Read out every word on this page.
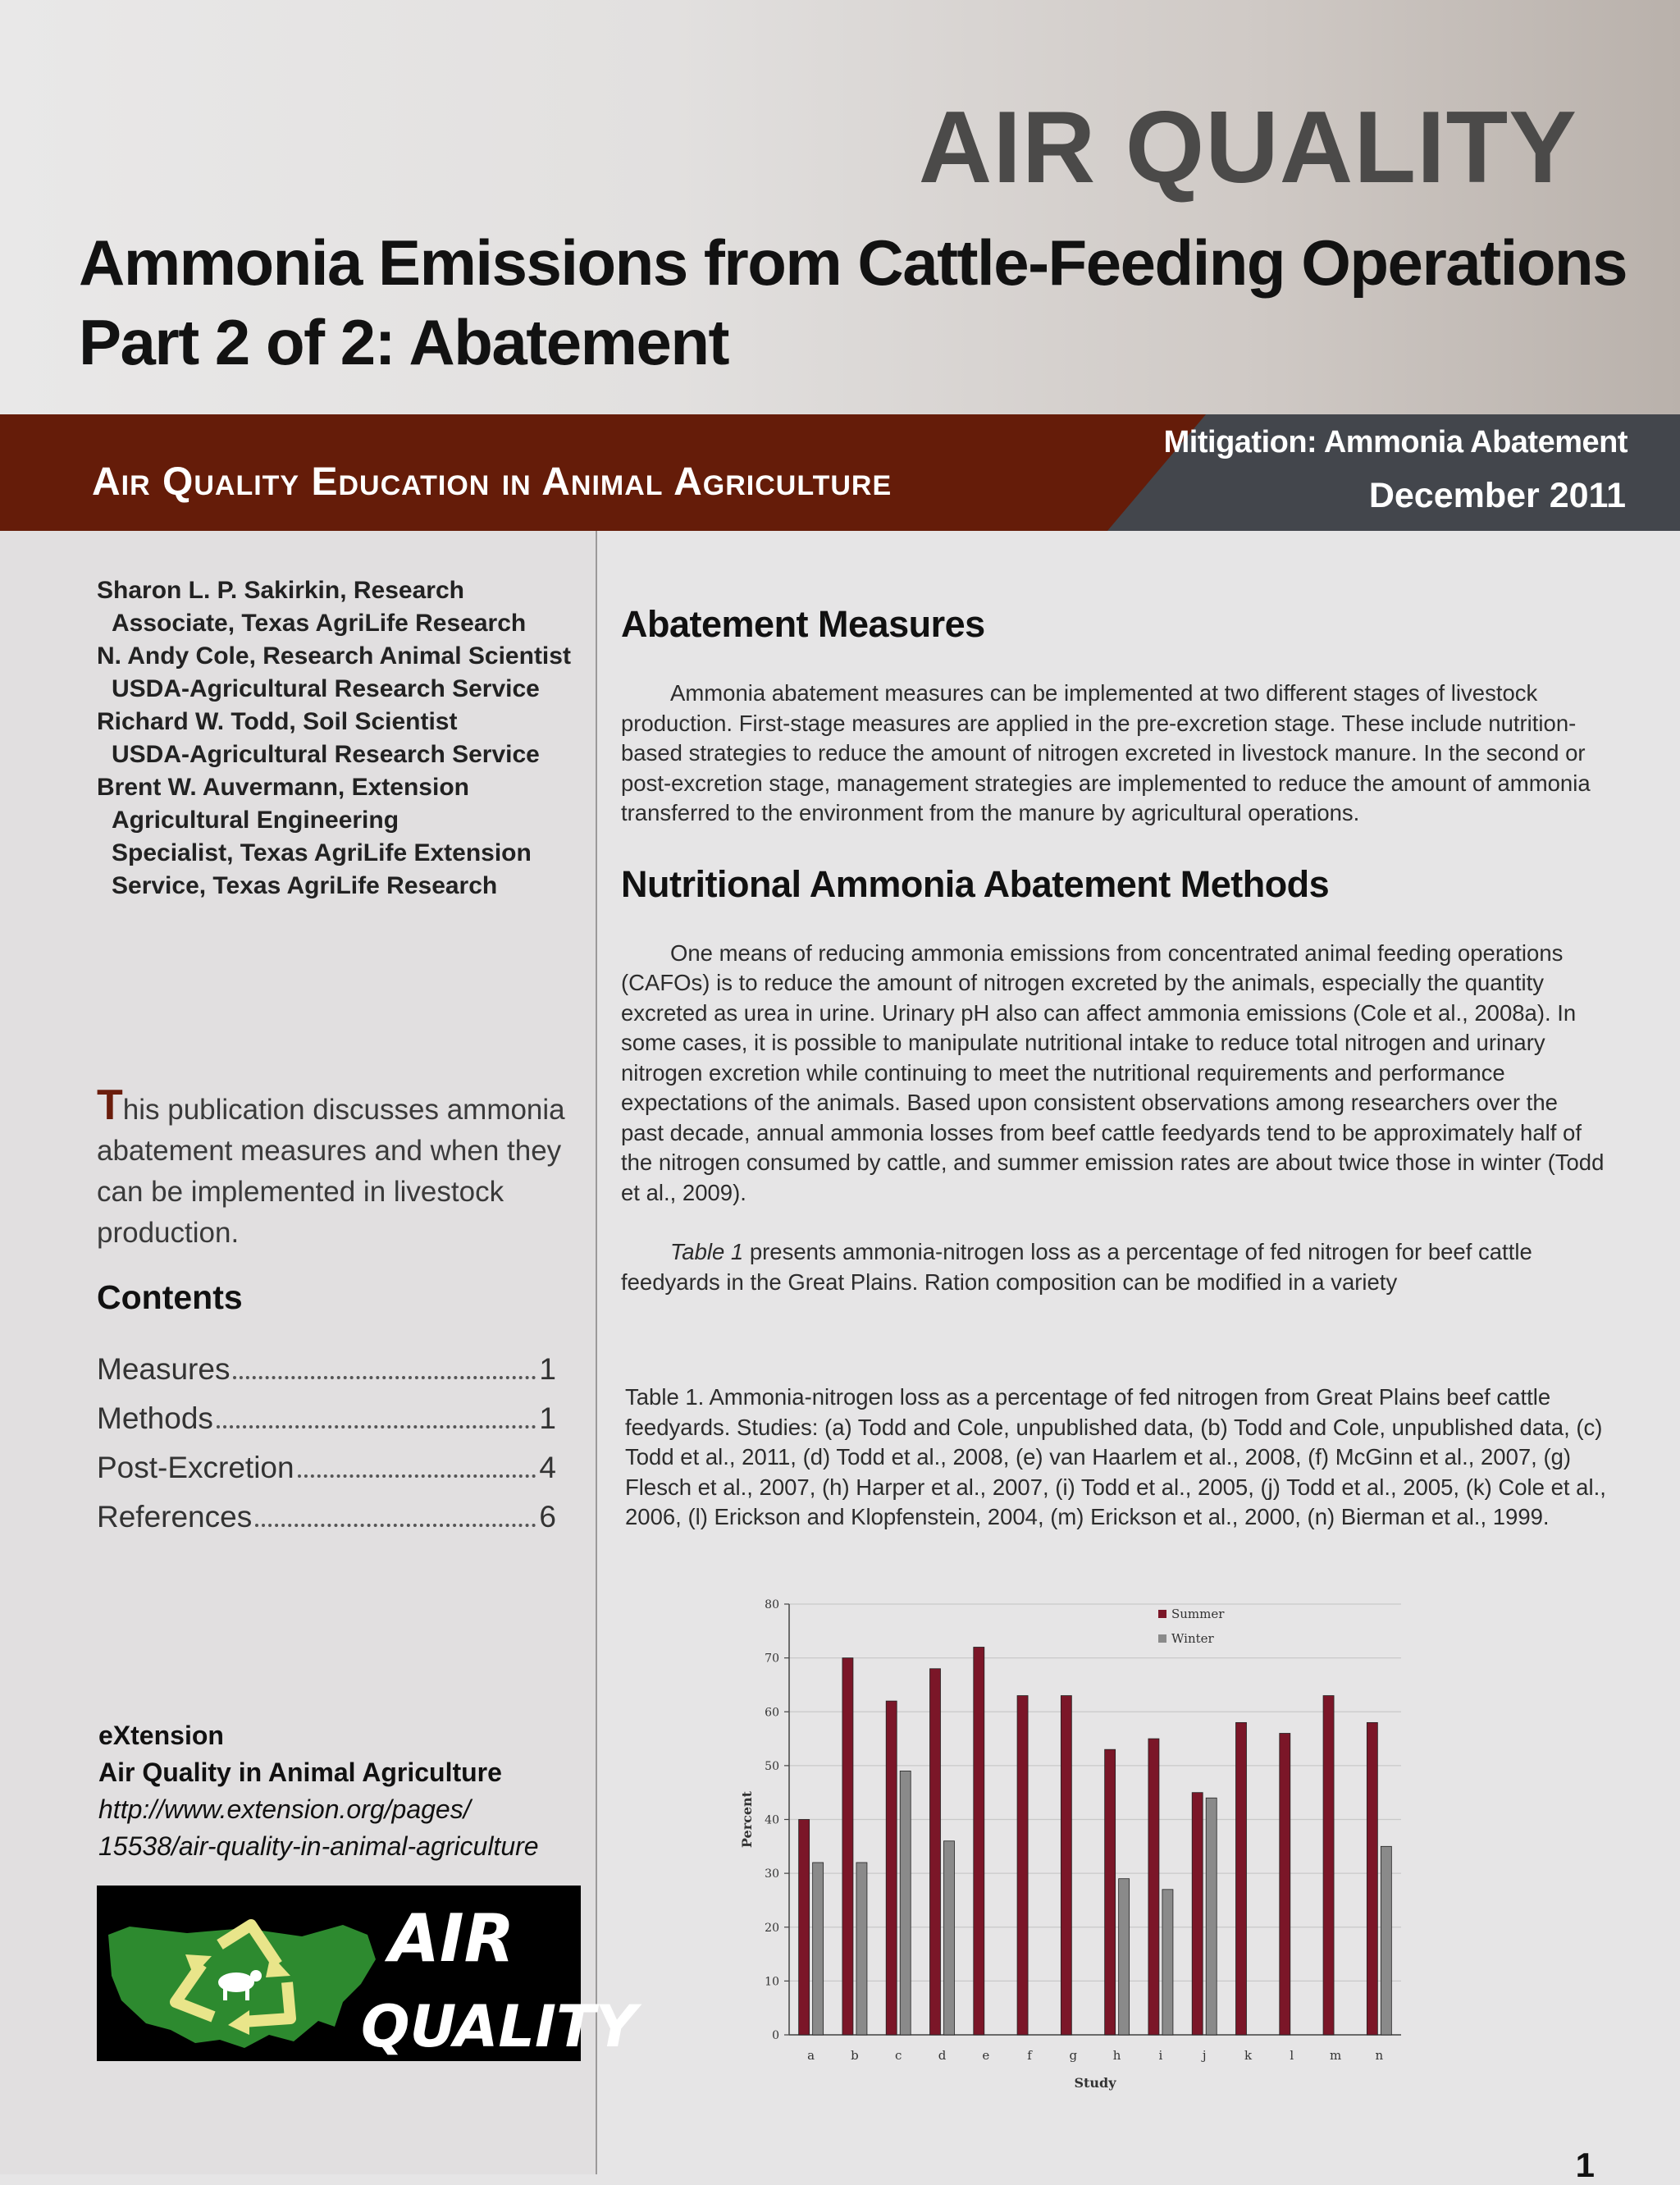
AIR QUALITY
Ammonia Emissions from Cattle-Feeding Operations
Part 2 of 2: Abatement
Air Quality Education in Animal Agriculture
Mitigation: Ammonia Abatement
December 2011
Sharon L. P. Sakirkin, Research
Associate, Texas AgriLife Research
N. Andy Cole, Research Animal Scientist
USDA-Agricultural Research Service
Richard W. Todd, Soil Scientist
USDA-Agricultural Research Service
Brent W. Auvermann, Extension
Agricultural Engineering
Specialist, Texas AgriLife Extension
Service, Texas AgriLife Research
This publication discusses ammonia abatement measures and when they can be implemented in livestock production.
Contents
Measures	1
Methods	1
Post-Excretion	4
References	6
eXtension
Air Quality in Animal Agriculture
http://www.extension.org/pages/
15538/air-quality-in-animal-agriculture
AIR
QUALITY
Abatement Measures

Ammonia abatement measures can be implemented at two different stages of livestock production. First-stage measures are applied in the pre-excretion stage. These include nutrition-based strategies to reduce the amount of nitrogen excreted in livestock manure. In the second or post-excretion stage, management strategies are implemented to reduce the amount of ammonia transferred to the environment from the manure by agricultural operations.

Nutritional Ammonia Abatement Methods

One means of reducing ammonia emissions from concentrated animal feeding operations (CAFOs) is to reduce the amount of nitrogen excreted by the animals, especially the quantity excreted as urea in urine. Urinary pH also can affect ammonia emissions (Cole et al., 2008a). In some cases, it is possible to manipulate nutritional intake to reduce total nitrogen and urinary nitrogen excretion while continuing to meet the nutritional requirements and performance expectations of the animals. Based upon consistent observations among researchers over the past decade, annual ammonia losses from beef cattle feedyards tend to be approximately half of the nitrogen consumed by cattle, and summer emission rates are about twice those in winter (Todd et al., 2009).

Table 1 presents ammonia-nitrogen loss as a percentage of fed nitrogen for beef cattle feedyards in the Great Plains. Ration composition can be modified in a variety

Table 1. Ammonia-nitrogen loss as a percentage of fed nitrogen from Great Plains beef cattle feedyards. Studies: (a) Todd and Cole, unpublished data, (b) Todd and Cole, unpublished data, (c) Todd et al., 2011, (d) Todd et al., 2008, (e) van Haarlem et al., 2008, (f) McGinn et al., 2007, (g) Flesch et al., 2007, (h) Harper et al., 2007, (i) Todd et al., 2005, (j) Todd et al., 2005, (k) Cole et al., 2006, (l) Erickson and Klopfenstein, 2004, (m) Erickson et al., 2000, (n) Bierman et al., 1999.
0
10
20
30
40
50
60
70
80
a	b	c	d	e	f	g	h	i	j	k	l	m	n
Study
Percent
Summer
Winter
1
